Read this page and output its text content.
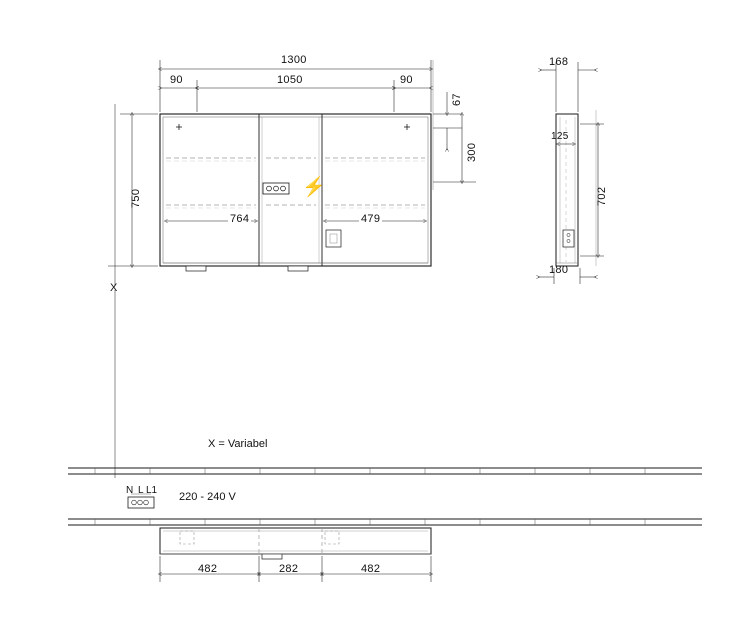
1300
1050
90	90
750
67
300
764	479
⚡
168
125
702
180
482	282	482
X
X = Variabel
220 - 240 V
N L L1
